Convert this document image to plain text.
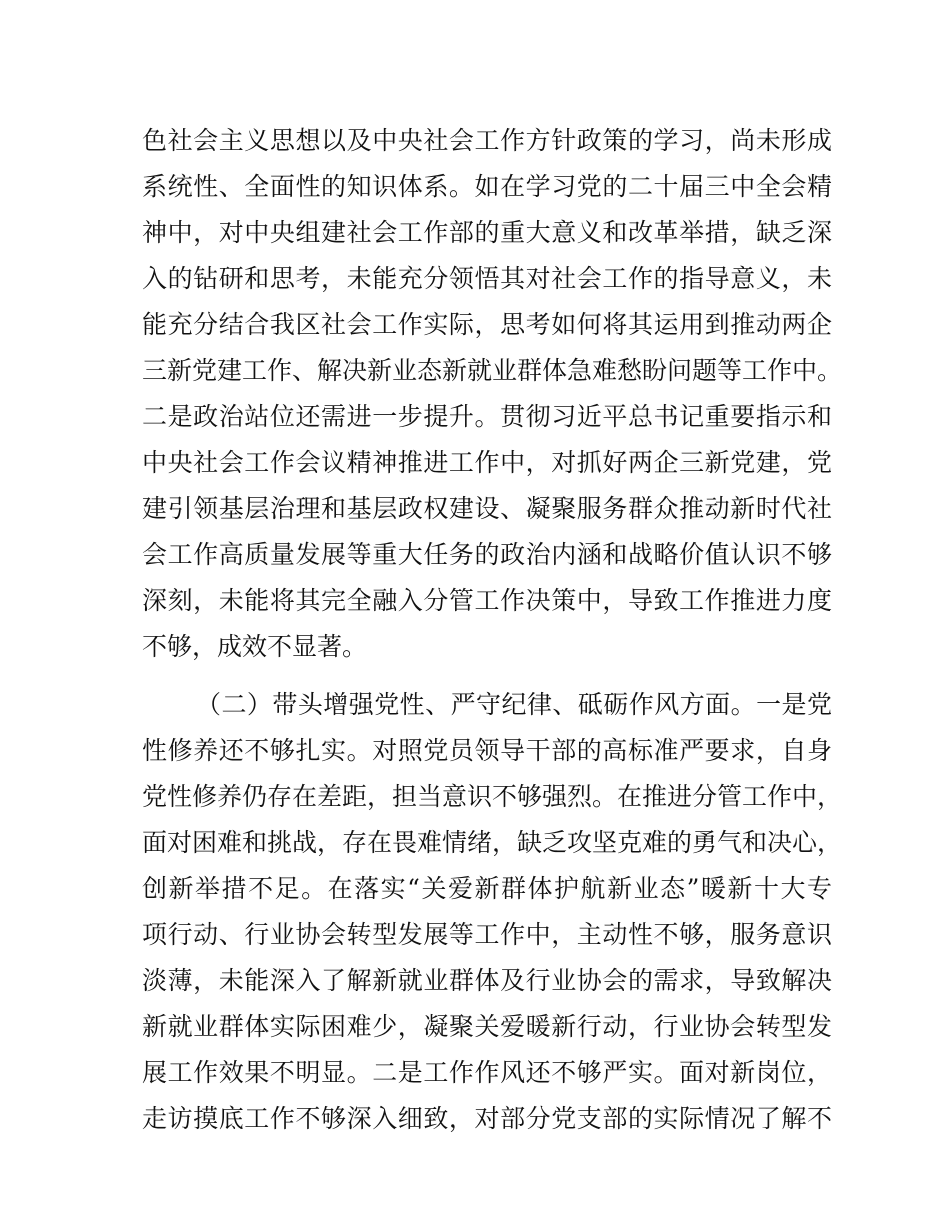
色社会主义思想以及中央社会工作方针政策的学习，尚未形成
系统性、全面性的知识体系。如在学习党的二十届三中全会精
神中，对中央组建社会工作部的重大意义和改革举措，缺乏深
入的钻研和思考，未能充分领悟其对社会工作的指导意义，未
能充分结合我区社会工作实际，思考如何将其运用到推动两企
三新党建工作、解决新业态新就业群体急难愁盼问题等工作中。
二是政治站位还需进一步提升。贯彻习近平总书记重要指示和
中央社会工作会议精神推进工作中，对抓好两企三新党建，党
建引领基层治理和基层政权建设、凝聚服务群众推动新时代社
会工作高质量发展等重大任务的政治内涵和战略价值认识不够
深刻，未能将其完全融入分管工作决策中，导致工作推进力度
不够，成效不显著。
（二）带头增强党性、严守纪律、砥砺作风方面。一是党
性修养还不够扎实。对照党员领导干部的高标准严要求，自身
党性修养仍存在差距，担当意识不够强烈。在推进分管工作中，
面对困难和挑战，存在畏难情绪，缺乏攻坚克难的勇气和决心，
创新举措不足。在落实“关爱新群体护航新业态”暖新十大专
项行动、行业协会转型发展等工作中，主动性不够，服务意识
淡薄，未能深入了解新就业群体及行业协会的需求，导致解决
新就业群体实际困难少，凝聚关爱暖新行动，行业协会转型发
展工作效果不明显。二是工作作风还不够严实。面对新岗位，
走访摸底工作不够深入细致，对部分党支部的实际情况了解不
